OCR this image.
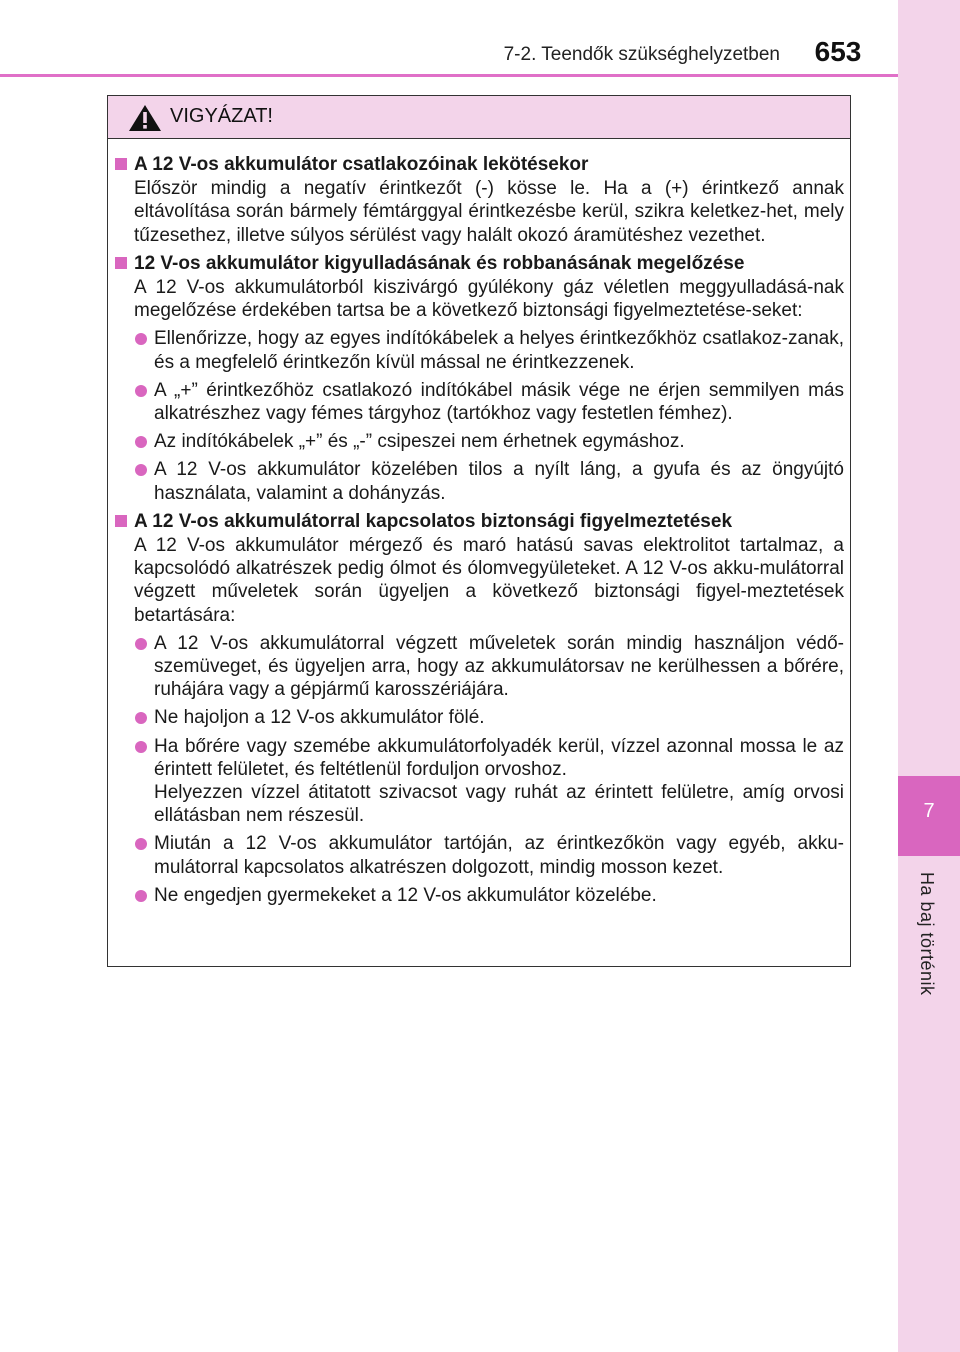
7-2. Teendők szükséghelyzetben	653
7
Ha baj történik
VIGYÁZAT!
A 12 V-os akkumulátor csatlakozóinak lekötésekor
Először mindig a negatív érintkezőt (-) kösse le. Ha a (+) érintkező annak eltávolítása során bármely fémtárggyal érintkezésbe kerül, szikra keletkez-het, mely tűzesethez, illetve súlyos sérülést vagy halált okozó áramütéshez vezethet.
12 V-os akkumulátor kigyulladásának és robbanásának megelőzése
A 12 V-os akkumulátorból kiszivárgó gyúlékony gáz véletlen meggyulladásá-nak megelőzése érdekében tartsa be a következő biztonsági figyelmeztetése-seket:
Ellenőrizze, hogy az egyes indítókábelek a helyes érintkezőkhöz csatlakoz-zanak, és a megfelelő érintkezőn kívül mással ne érintkezzenek.
A „+” érintkezőhöz csatlakozó indítókábel másik vége ne érjen semmilyen más alkatrészhez vagy fémes tárgyhoz (tartókhoz vagy festetlen fémhez).
Az indítókábelek „+” és „-” csipeszei nem érhetnek egymáshoz.
A 12 V-os akkumulátor közelében tilos a nyílt láng, a gyufa és az öngyújtó használata, valamint a dohányzás.
A 12 V-os akkumulátorral kapcsolatos biztonsági figyelmeztetések
A 12 V-os akkumulátor mérgező és maró hatású savas elektrolitot tartalmaz, a kapcsolódó alkatrészek pedig ólmot és ólomvegyületeket. A 12 V-os akku-mulátorral végzett műveletek során ügyeljen a következő biztonsági figyel-meztetések betartására:
A 12 V-os akkumulátorral végzett műveletek során mindig használjon védő-szemüveget, és ügyeljen arra, hogy az akkumulátorsav ne kerülhessen a bőrére, ruhájára vagy a gépjármű karosszériájára.
Ne hajoljon a 12 V-os akkumulátor fölé.
Ha bőrére vagy szemébe akkumulátorfolyadék kerül, vízzel azonnal mossa le az érintett felületet, és feltétlenül forduljon orvoshoz.
Helyezzen vízzel átitatott szivacsot vagy ruhát az érintett felületre, amíg orvosi ellátásban nem részesül.
Miután a 12 V-os akkumulátor tartóján, az érintkezőkön vagy egyéb, akku-mulátorral kapcsolatos alkatrészen dolgozott, mindig mosson kezet.
Ne engedjen gyermekeket a 12 V-os akkumulátor közelébe.
